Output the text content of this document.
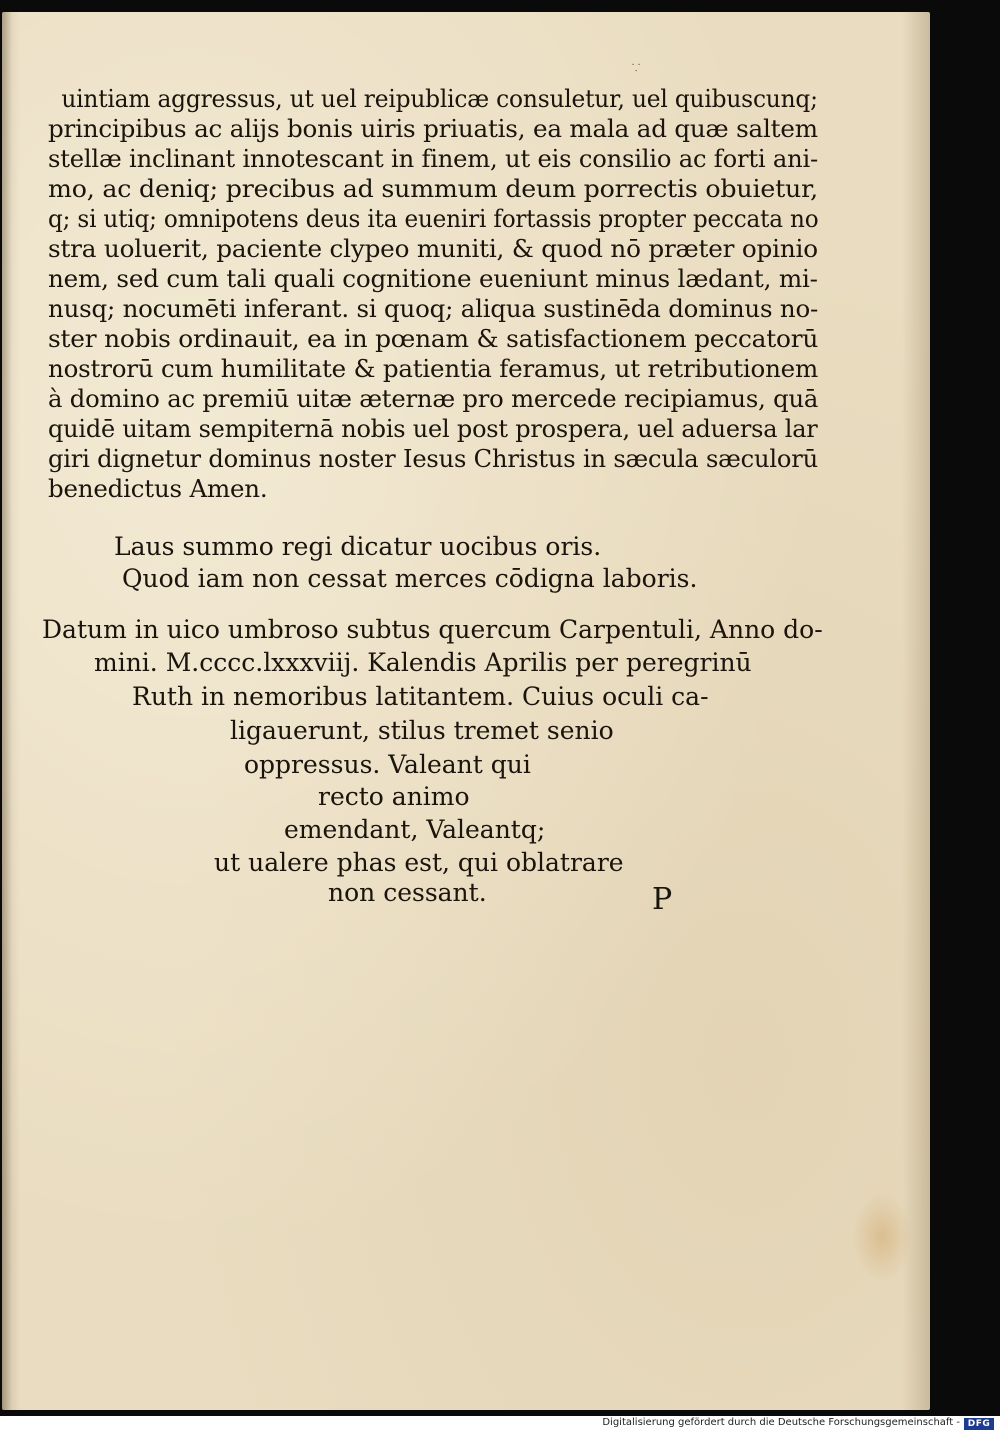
⸪
uintiam aggressus, ut uel reipublicæ consuletur, uel quibuscunq;
principibus ac alijs bonis uiris priuatis, ea mala ad quæ saltem
stellæ inclinant innotescant in finem, ut eis consilio ac forti ani-
mo, ac deniq; precibus ad summum deum porrectis obuietur,
q; si utiq; omnipotens deus ita eueniri fortassis propter peccata no
stra uoluerit, paciente clypeo muniti, & quod nō præter opinio
nem, sed cum tali quali cognitione eueniunt minus lædant, mi-
nusq; nocumēti inferant. si quoq; aliqua sustinēda dominus no-
ster nobis ordinauit, ea in pœnam & satisfactionem peccatorū
nostrorū cum humilitate & patientia feramus, ut retributionem
à domino ac premiū uitæ æternæ pro mercede recipiamus, quā
quidē uitam sempiternā nobis uel post prospera, uel aduersa lar
giri dignetur dominus noster Iesus Christus in sæcula sæculorū
benedictus Amen.
Laus summo regi dicatur uocibus oris.
Quod iam non cessat merces cōdigna laboris.
Datum in uico umbroso subtus quercum Carpentuli, Anno do-
mini. M.cccc.lxxxviij. Kalendis Aprilis per peregrinū
Ruth in nemoribus latitantem. Cuius oculi ca-
ligauerunt, stilus tremet senio
oppressus. Valeant qui
recto animo
emendant, Valeantq;
ut ualere phas est, qui oblatrare
non cessant.	P
Digitalisierung gefördert durch die Deutsche Forschungsgemeinschaft - DFG
